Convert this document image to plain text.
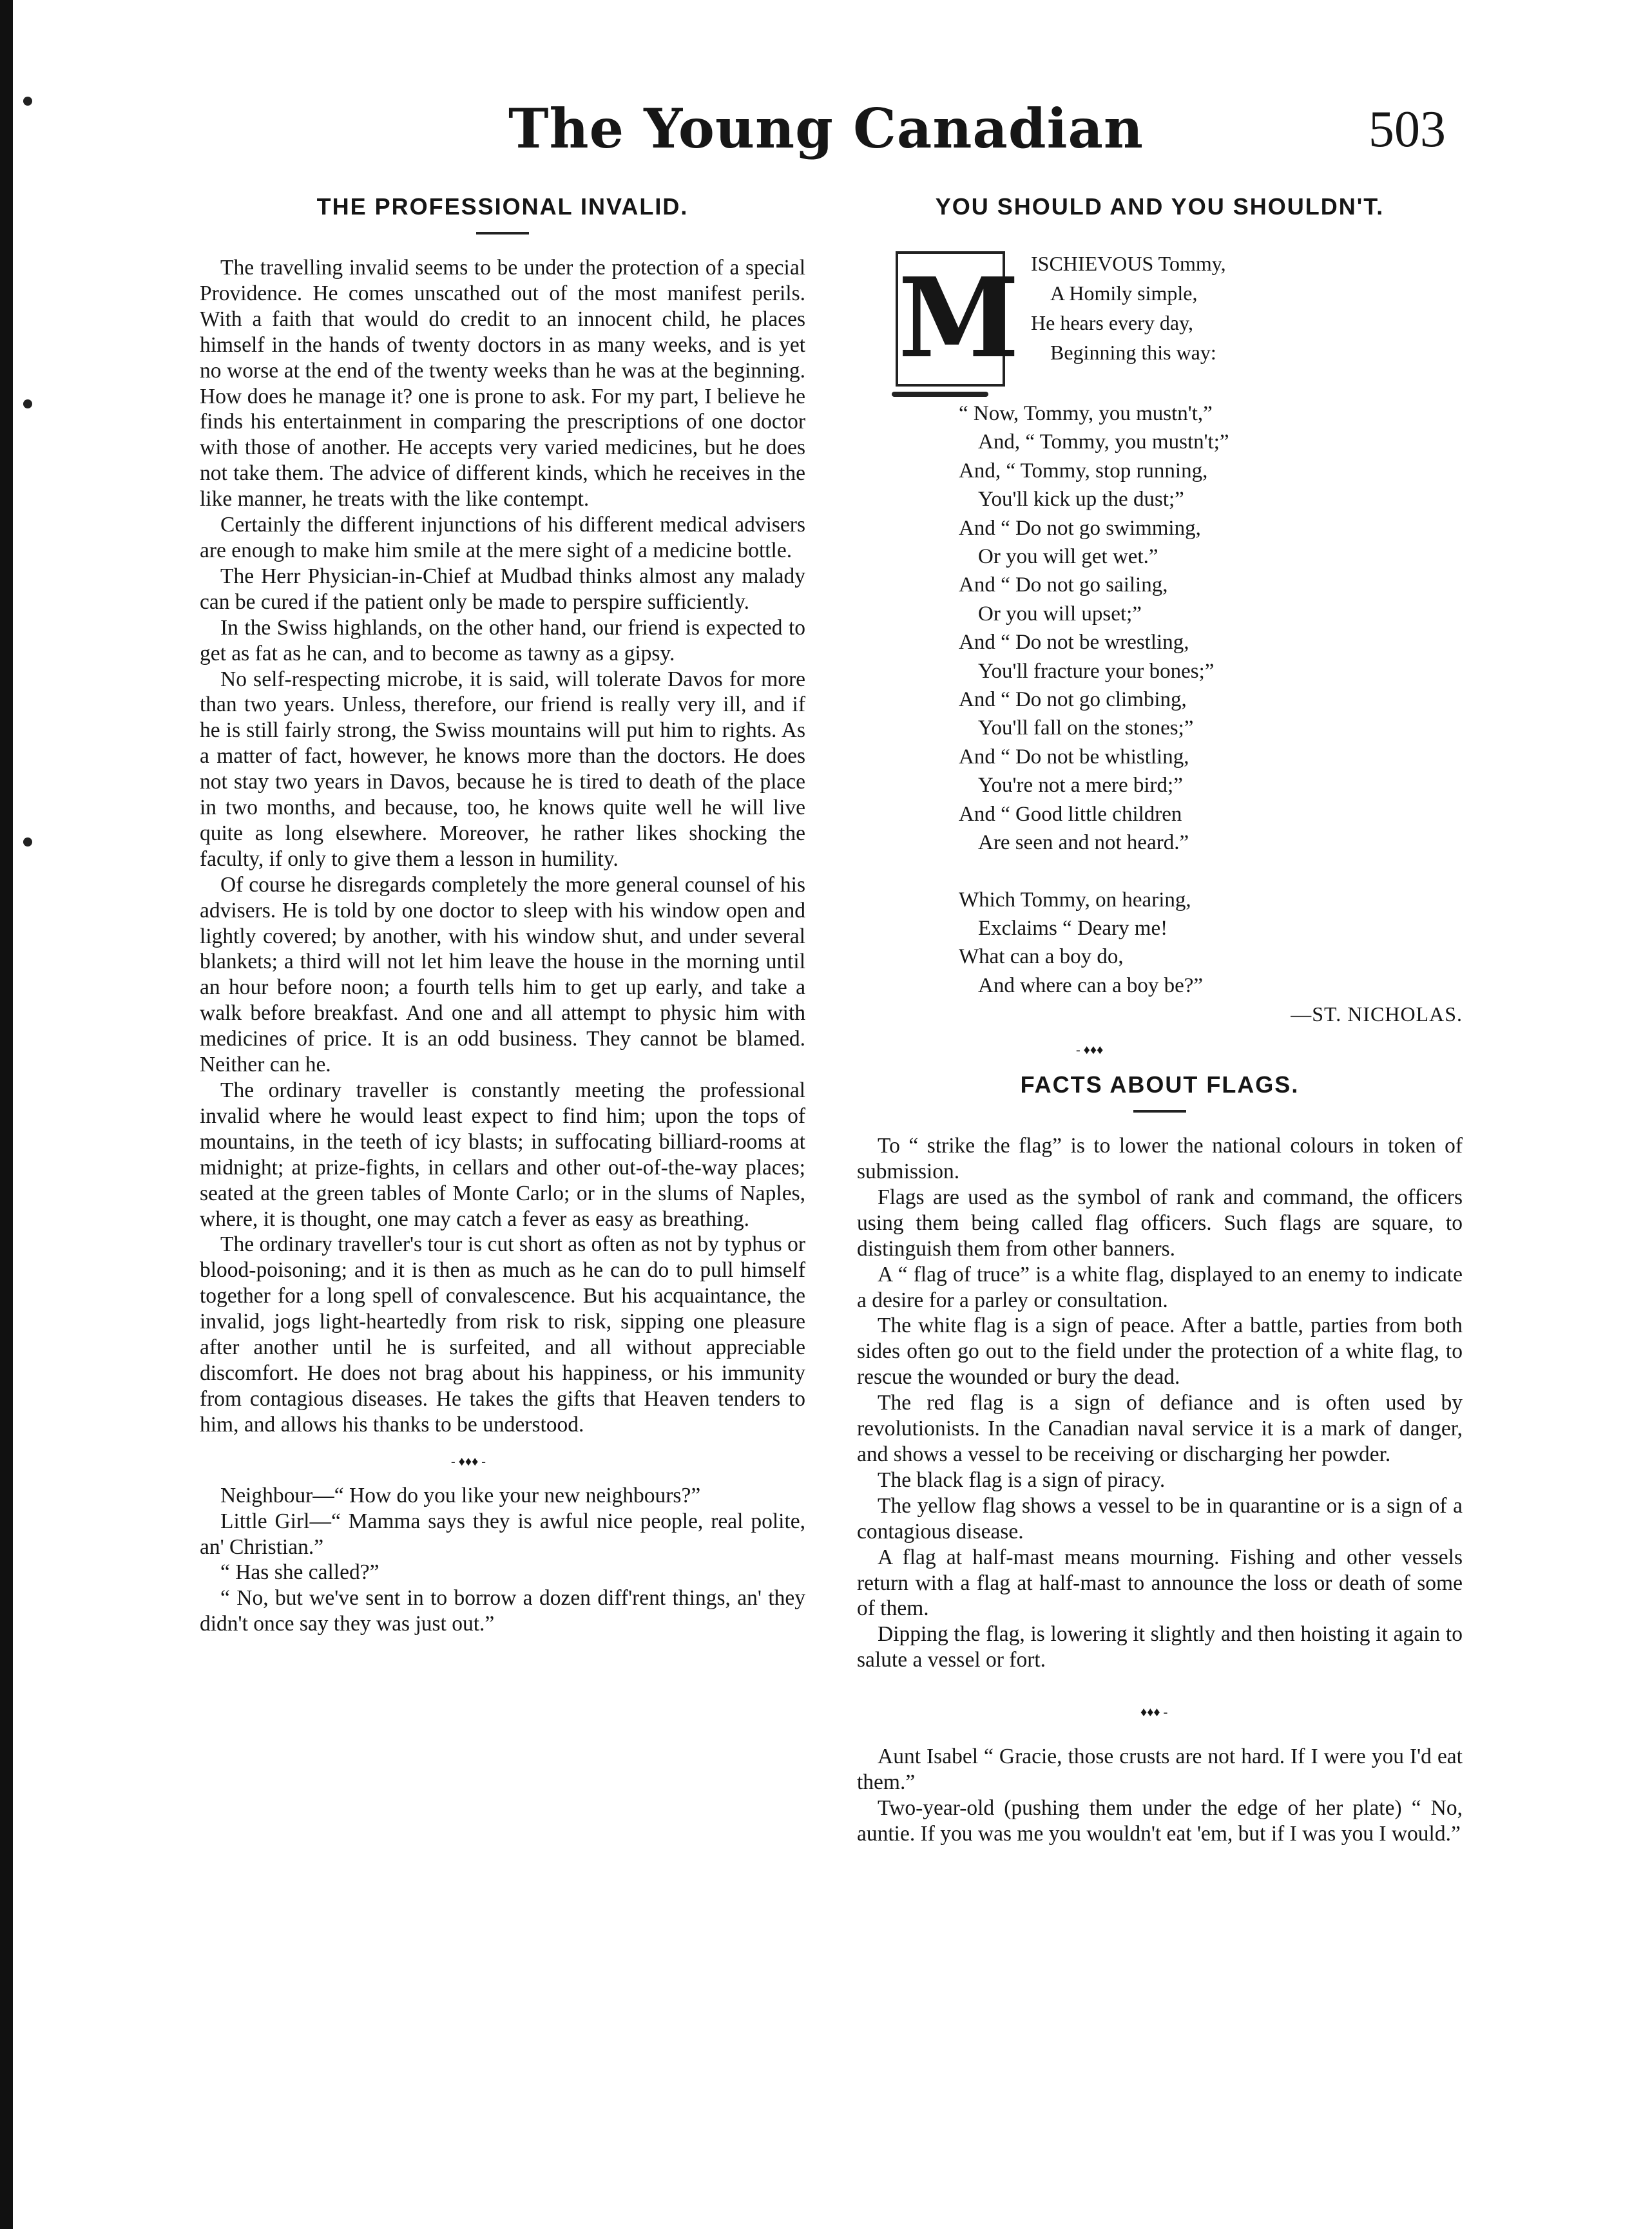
The Young Canadian	503
THE PROFESSIONAL INVALID.

The travelling invalid seems to be under the protection of a special Providence. He comes unscathed out of the most manifest perils. With a faith that would do credit to an innocent child, he places himself in the hands of twenty doctors in as many weeks, and is yet no worse at the end of the twenty weeks than he was at the beginning. How does he manage it? one is prone to ask. For my part, I believe he finds his entertainment in comparing the prescriptions of one doctor with those of another. He accepts very varied medicines, but he does not take them. The advice of different kinds, which he receives in the like manner, he treats with the like contempt.

Certainly the different injunctions of his different medical advisers are enough to make him smile at the mere sight of a medicine bottle.

The Herr Physician-in-Chief at Mudbad thinks almost any malady can be cured if the patient only be made to perspire sufficiently.

In the Swiss highlands, on the other hand, our friend is expected to get as fat as he can, and to become as tawny as a gipsy.

No self-respecting microbe, it is said, will tolerate Davos for more than two years. Unless, therefore, our friend is really very ill, and if he is still fairly strong, the Swiss mountains will put him to rights. As a matter of fact, however, he knows more than the doctors. He does not stay two years in Davos, because he is tired to death of the place in two months, and because, too, he knows quite well he will live quite as long elsewhere. Moreover, he rather likes shocking the faculty, if only to give them a lesson in humility.

Of course he disregards completely the more general counsel of his advisers. He is told by one doctor to sleep with his window open and lightly covered; by another, with his window shut, and under several blankets; a third will not let him leave the house in the morning until an hour before noon; a fourth tells him to get up early, and take a walk before breakfast. And one and all attempt to physic him with medicines of price. It is an odd business. They cannot be blamed. Neither can he.

The ordinary traveller is constantly meeting the professional invalid where he would least expect to find him; upon the tops of mountains, in the teeth of icy blasts; in suffocating billiard-rooms at midnight; at prize-fights, in cellars and other out-of-the-way places; seated at the green tables of Monte Carlo; or in the slums of Naples, where, it is thought, one may catch a fever as easy as breathing.

The ordinary traveller's tour is cut short as often as not by typhus or blood-poisoning; and it is then as much as he can do to pull himself together for a long spell of convalescence. But his acquaintance, the invalid, jogs light-heartedly from risk to risk, sipping one pleasure after another until he is surfeited, and all without appreciable discomfort. He does not brag about his happiness, or his immunity from contagious diseases. He takes the gifts that Heaven tenders to him, and allows his thanks to be understood.

- ♦♦♦ -

Neighbour—“ How do you like your new neighbours?”

Little Girl—“ Mamma says they is awful nice people, real polite, an' Christian.”

“ Has she called?”

“ No, but we've sent in to borrow a dozen diff'rent things, an' they didn't once say they was just out.”

YOU SHOULD AND YOU SHOULDN'T.
M ISCHIEVOUS Tommy,
A Homily simple,
He hears every day,
Beginning this way:
“ Now, Tommy, you mustn't,”
And, “ Tommy, you mustn't;”
And, “ Tommy, stop running,
You'll kick up the dust;”
And “ Do not go swimming,
Or you will get wet.”
And “ Do not go sailing,
Or you will upset;”
And “ Do not be wrestling,
You'll fracture your bones;”
And “ Do not go climbing,
You'll fall on the stones;”
And “ Do not be whistling,
You're not a mere bird;”
And “ Good little children
Are seen and not heard.”
Which Tommy, on hearing,
Exclaims “ Deary me!
What can a boy do,
And where can a boy be?”
—ST. NICHOLAS.
- ♦♦♦
FACTS ABOUT FLAGS.

To “ strike the flag” is to lower the national colours in token of submission.

Flags are used as the symbol of rank and command, the officers using them being called flag officers. Such flags are square, to distinguish them from other banners.

A “ flag of truce” is a white flag, displayed to an enemy to indicate a desire for a parley or consultation.

The white flag is a sign of peace. After a battle, parties from both sides often go out to the field under the protection of a white flag, to rescue the wounded or bury the dead.

The red flag is a sign of defiance and is often used by revolutionists. In the Canadian naval service it is a mark of danger, and shows a vessel to be receiving or discharging her powder.

The black flag is a sign of piracy.

The yellow flag shows a vessel to be in quarantine or is a sign of a contagious disease.

A flag at half-mast means mourning. Fishing and other vessels return with a flag at half-mast to announce the loss or death of some of them.

Dipping the flag, is lowering it slightly and then hoisting it again to salute a vessel or fort.

♦♦♦ -

Aunt Isabel “ Gracie, those crusts are not hard. If I were you I'd eat them.”

Two-year-old (pushing them under the edge of her plate) “ No, auntie. If you was me you wouldn't eat 'em, but if I was you I would.”
